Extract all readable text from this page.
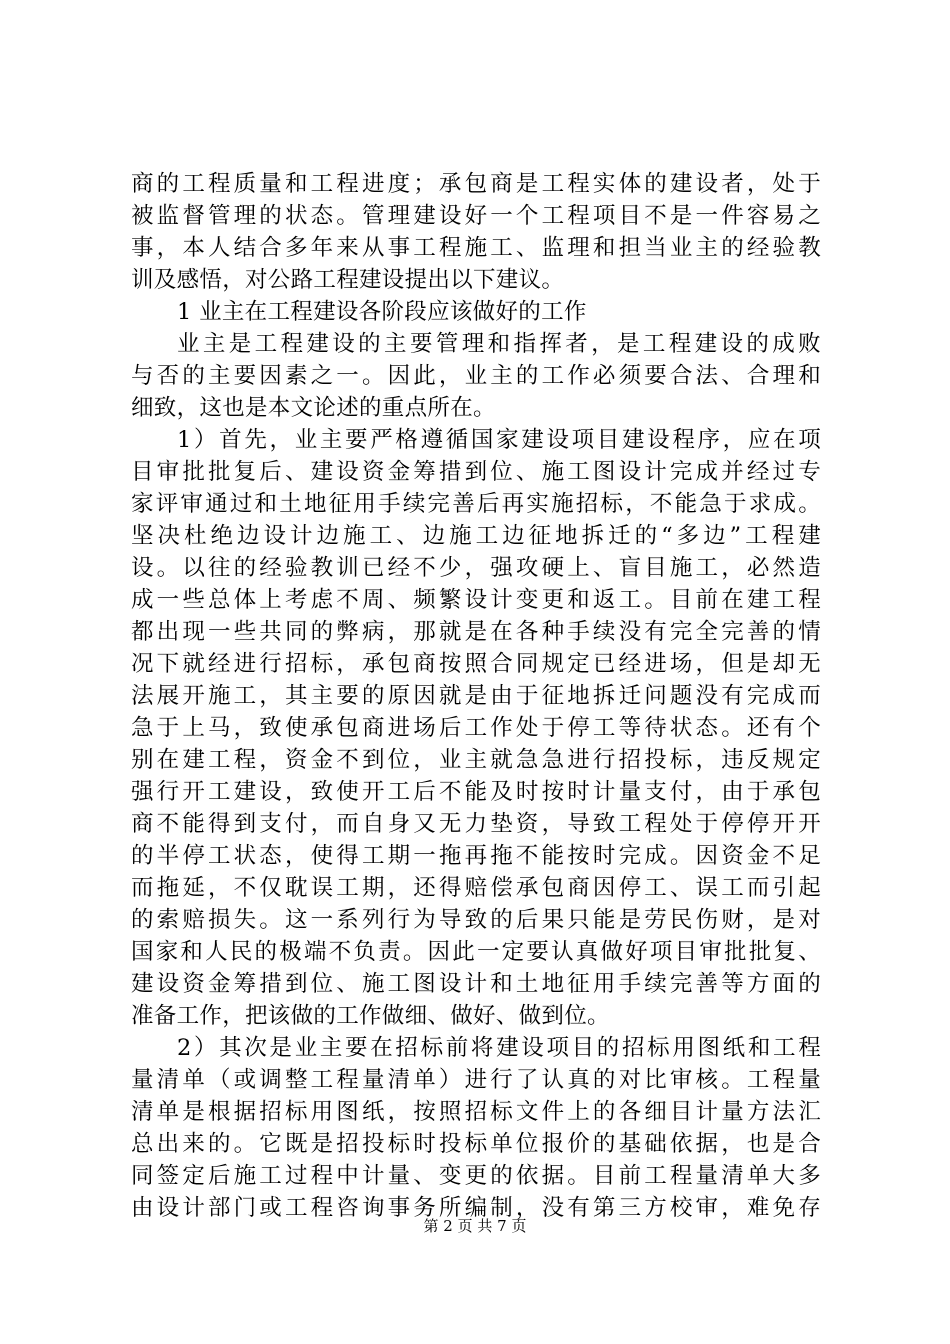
商的工程质量和工程进度；承包商是工程实体的建设者，处于
被监督管理的状态。管理建设好一个工程项目不是一件容易之
事，本人结合多年来从事工程施工、监理和担当业主的经验教
训及感悟，对公路工程建设提出以下建议。
1 业主在工程建设各阶段应该做好的工作
业主是工程建设的主要管理和指挥者，是工程建设的成败
与否的主要因素之一。因此，业主的工作必须要合法、合理和
细致，这也是本文论述的重点所在。
1）首先，业主要严格遵循国家建设项目建设程序，应在项
目审批批复后、建设资金筹措到位、施工图设计完成并经过专
家评审通过和土地征用手续完善后再实施招标，不能急于求成。
坚决杜绝边设计边施工、边施工边征地拆迁的“多边”工程建
设。以往的经验教训已经不少，强攻硬上、盲目施工，必然造
成一些总体上考虑不周、频繁设计变更和返工。目前在建工程
都出现一些共同的弊病，那就是在各种手续没有完全完善的情
况下就经进行招标，承包商按照合同规定已经进场，但是却无
法展开施工，其主要的原因就是由于征地拆迁问题没有完成而
急于上马，致使承包商进场后工作处于停工等待状态。还有个
别在建工程，资金不到位，业主就急急进行招投标，违反规定
强行开工建设，致使开工后不能及时按时计量支付，由于承包
商不能得到支付，而自身又无力垫资，导致工程处于停停开开
的半停工状态，使得工期一拖再拖不能按时完成。因资金不足
而拖延，不仅耽误工期，还得赔偿承包商因停工、误工而引起
的索赔损失。这一系列行为导致的后果只能是劳民伤财，是对
国家和人民的极端不负责。因此一定要认真做好项目审批批复、
建设资金筹措到位、施工图设计和土地征用手续完善等方面的
准备工作，把该做的工作做细、做好、做到位。
2）其次是业主要在招标前将建设项目的招标用图纸和工程
量清单（或调整工程量清单）进行了认真的对比审核。工程量
清单是根据招标用图纸，按照招标文件上的各细目计量方法汇
总出来的。它既是招投标时投标单位报价的基础依据，也是合
同签定后施工过程中计量、变更的依据。目前工程量清单大多
由设计部门或工程咨询事务所编制，没有第三方校审，难免存
第 2 页 共 7 页
